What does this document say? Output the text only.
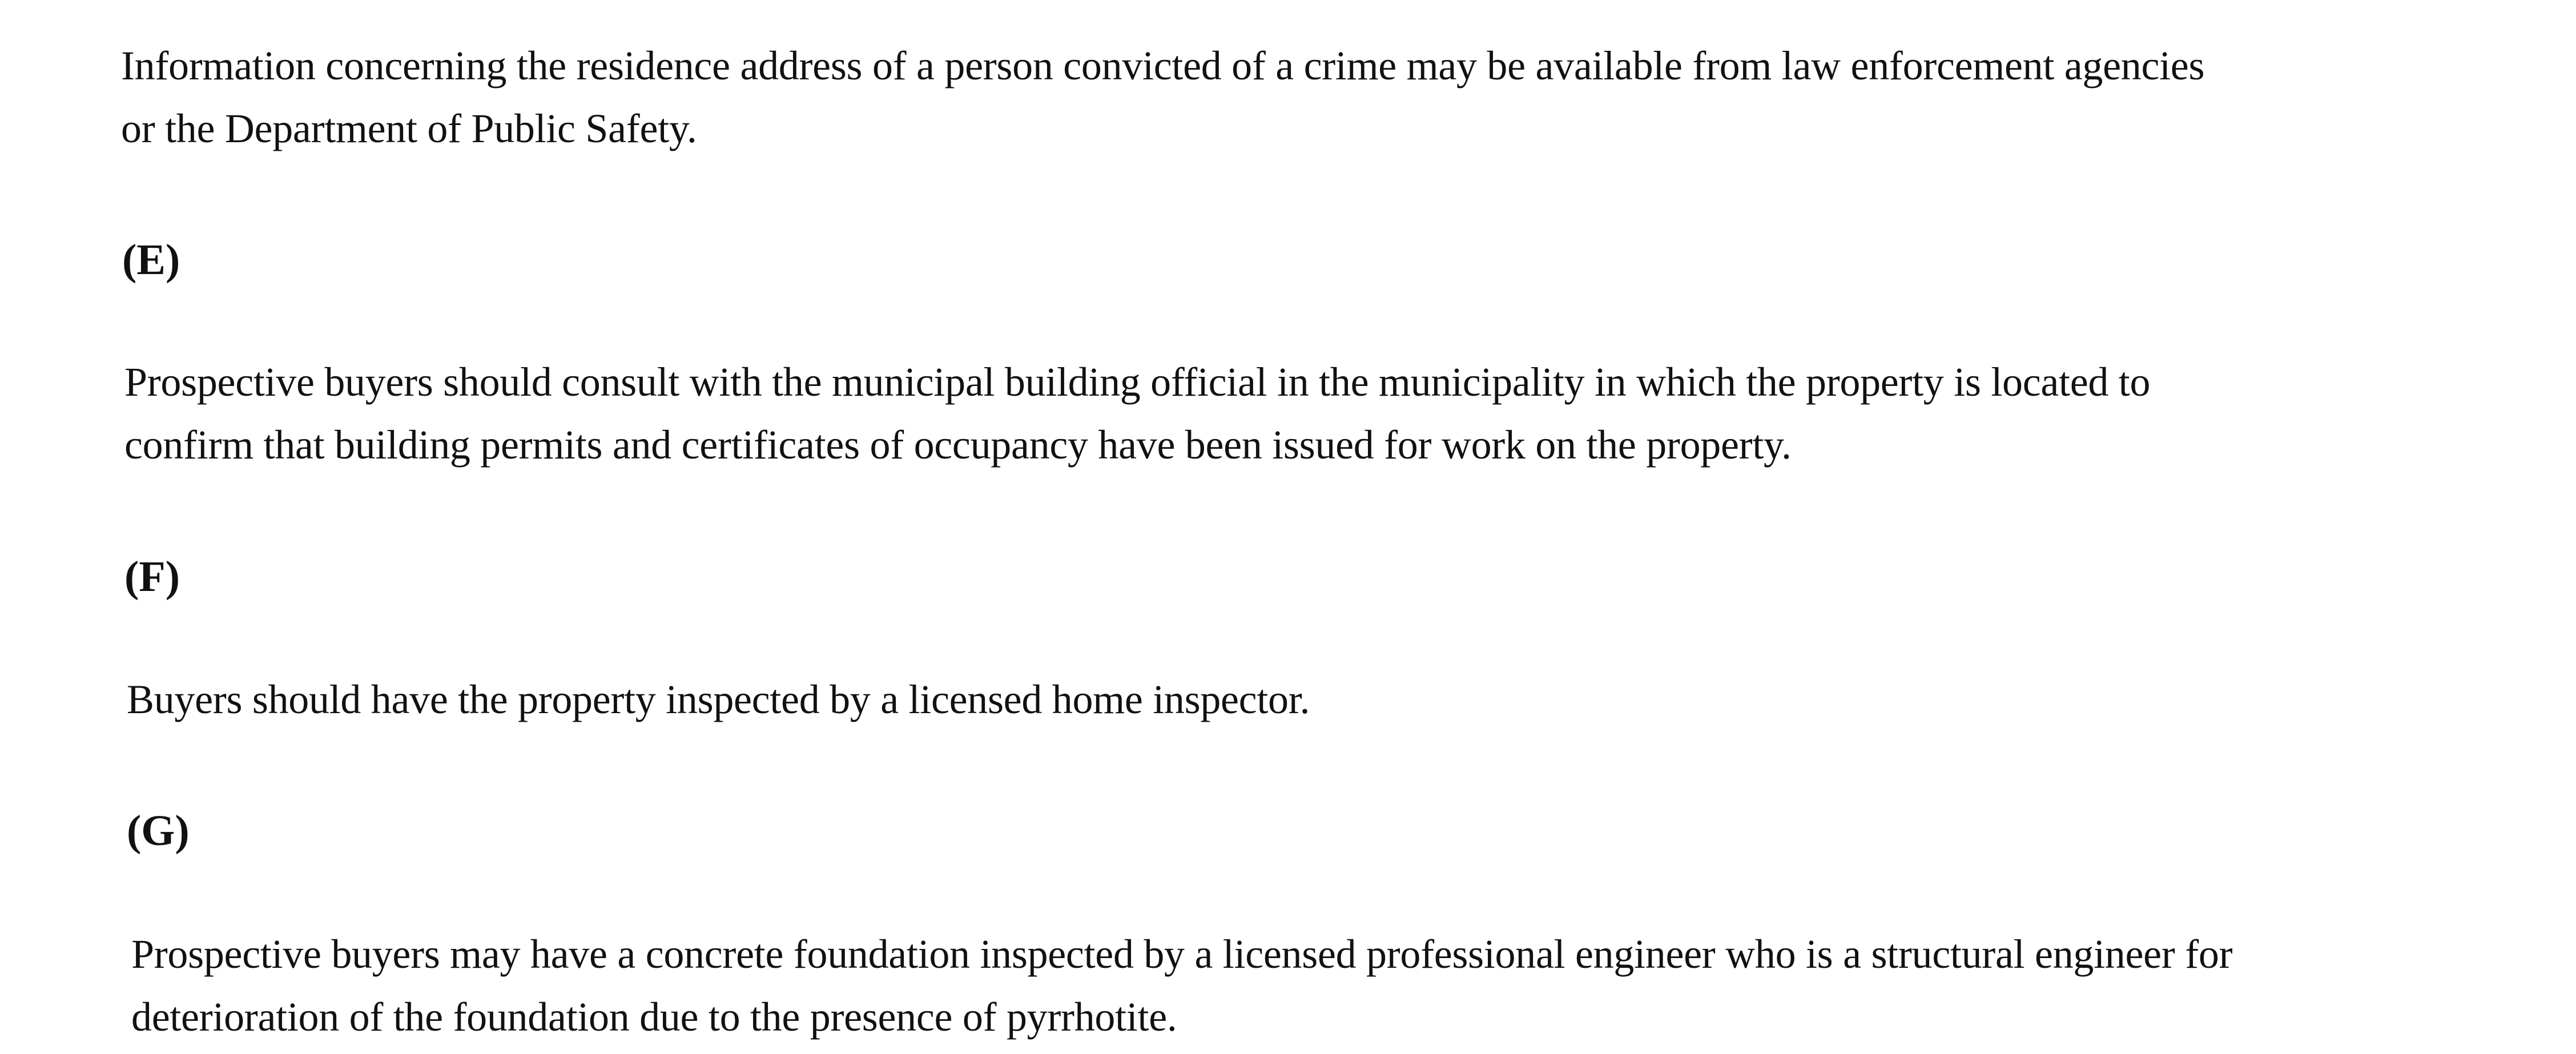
Information concerning the residence address of a person convicted of a crime may be available from law enforcement agencies
or the Department of Public Safety.

(E)

Prospective buyers should consult with the municipal building official in the municipality in which the property is located to
confirm that building permits and certificates of occupancy have been issued for work on the property.

(F)

Buyers should have the property inspected by a licensed home inspector.

(G)

Prospective buyers may have a concrete foundation inspected by a licensed professional engineer who is a structural engineer for
deterioration of the foundation due to the presence of pyrrhotite.
